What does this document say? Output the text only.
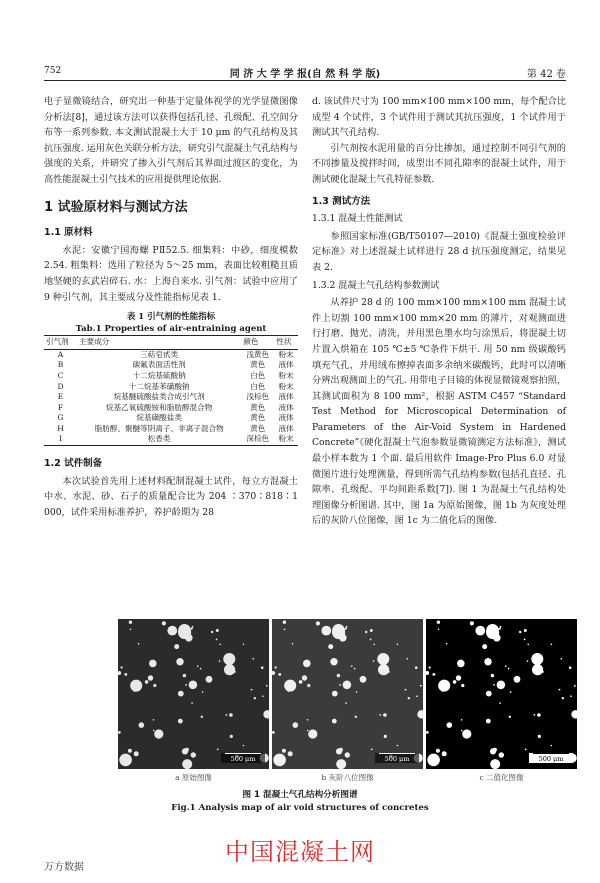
752	同 济 大 学 学 报(自 然 科 学 版)	第 42 卷

电子显微镜结合，研究出一种基于定量体视学的光学显微图像分析法[8]，通过该方法可以获得包括孔径、孔级配、孔空间分布等一系列参数. 本文测试混凝土大于 10 μm 的气孔结构及其抗压强度. 运用灰色关联分析方法，研究引气混凝土气孔结构与强度的关系，并研究了掺入引气剂后其界面过渡区的变化，为高性能混凝土引气技术的应用提供理论依据.

1 试验原材料与测试方法
1.1 原材料

水泥：安徽宁国海螺 PⅡ52.5. 细集料：中砂，细度模数 2.54. 粗集料：选用了粒径为 5～25 mm，表面比较粗糙且质地坚硬的玄武岩碎石. 水：上海自来水. 引气剂：试验中应用了 9 种引气剂，其主要成分及性能指标见表 1.

表 1 引气剂的性能指标
Tab.1 Properties of air-entraining agent
引气剂	主要成分	颜色	性状
A	三萜皂甙类	浅黄色	粉末
B	碳氟表面活性剂	黄色	液体
C	十二烷基硫酸钠	白色	粉末
D	十二烷基苯磺酸钠	白色	粉末
E	烷基醚硫酸盐类合成引气剂	浅棕色	液体
F	烷基乙氧硫酸铵和脂肪醇混合物	黄色	液体
G	烷基磺酸盐类	黄色	液体
H	脂肪醇、聚醚等阴离子、非离子混合物	黄色	液体
I	松香类	深棕色	粉末
1.2 试件制备

本次试验首先用上述材料配制混凝土试件，每立方混凝土中水、水泥、砂、石子的质量配合比为 204 ∶370∶818∶1 000，试件采用标准养护，养护龄期为 28

d. 该试件尺寸为 100 mm×100 mm×100 mm，每个配合比成型 4 个试件，3 个试件用于测试其抗压强度，1 个试件用于测试其气孔结构.

引气剂按水泥用量的百分比掺加，通过控制不同引气剂的不同掺量及搅拌时间，成型出不同孔隙率的混凝土试件，用于测试硬化混凝土气孔特征参数.

1.3 测试方法
1.3.1 混凝土性能测试

参照国家标准(GB/T50107—2010)《混凝土强度检验评定标准》对上述混凝土试样进行 28 d 抗压强度测定，结果见表 2.

1.3.2 混凝土气孔结构参数测试

从养护 28 d 的 100 mm×100 mm×100 mm 混凝土试件上切割 100 mm×100 mm×20 mm 的薄片，对观测面进行打磨、抛光、清洗，并用黑色墨水均匀涂黑后，将混凝土切片置入烘箱在 105 ℃±5 ℃条件下烘干. 用 50 nm 级碳酸钙填充气孔，并用绒布擦掉表面多余纳米碳酸钙，此时可以清晰分辨出观测面上的气孔. 用带电子目镜的体视显微镜观察拍照，其测试面积为 8 100 mm²，根据 ASTM C457 “Standard Test Method for Microscopical Determination of Parameters of the Air-Void System in Hardened Concrete”《硬化混凝土气泡参数显微镜测定方法标准》，测试最小样本数为 1 个面. 最后用软件 Image-Pro Plus 6.0 对显微图片进行处理测量，得到所需气孔结构参数(包括孔直径、孔隙率、孔级配、平均间距系数[7]). 图 1 为混凝土气孔结构处理图像分析图谱. 其中，图 1a 为原始图像，图 1b 为灰度处理后的灰阶八位图像，图 1c 为二值化后的图像.

500 μm	500 μm	500 μm
a 原始图像	b 灰阶八位图像	c 二值化图像
图 1 混凝土气孔结构分析图谱
Fig.1 Analysis map of air void structures of concretes
中国混凝土网
万方数据
